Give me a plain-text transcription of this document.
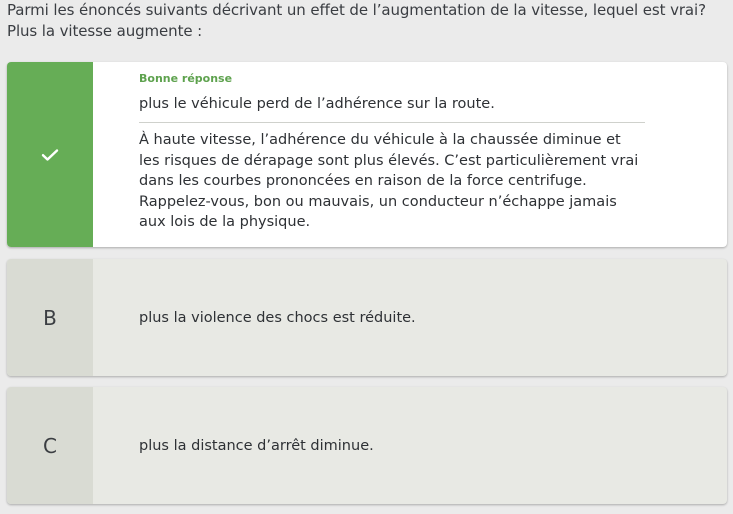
Parmi les énoncés suivants décrivant un effet de l’augmentation de la vitesse, lequel est vrai? Plus la vitesse augmente :
Bonne réponse
plus le véhicule perd de l’adhérence sur la route.
À haute vitesse, l’adhérence du véhicule à la chaussée diminue et les risques de dérapage sont plus élevés. C’est particulièrement vrai dans les courbes prononcées en raison de la force centrifuge. Rappelez-vous, bon ou mauvais, un conducteur n’échappe jamais aux lois de la physique.
B	plus la violence des chocs est réduite.
C	plus la distance d’arrêt diminue.
